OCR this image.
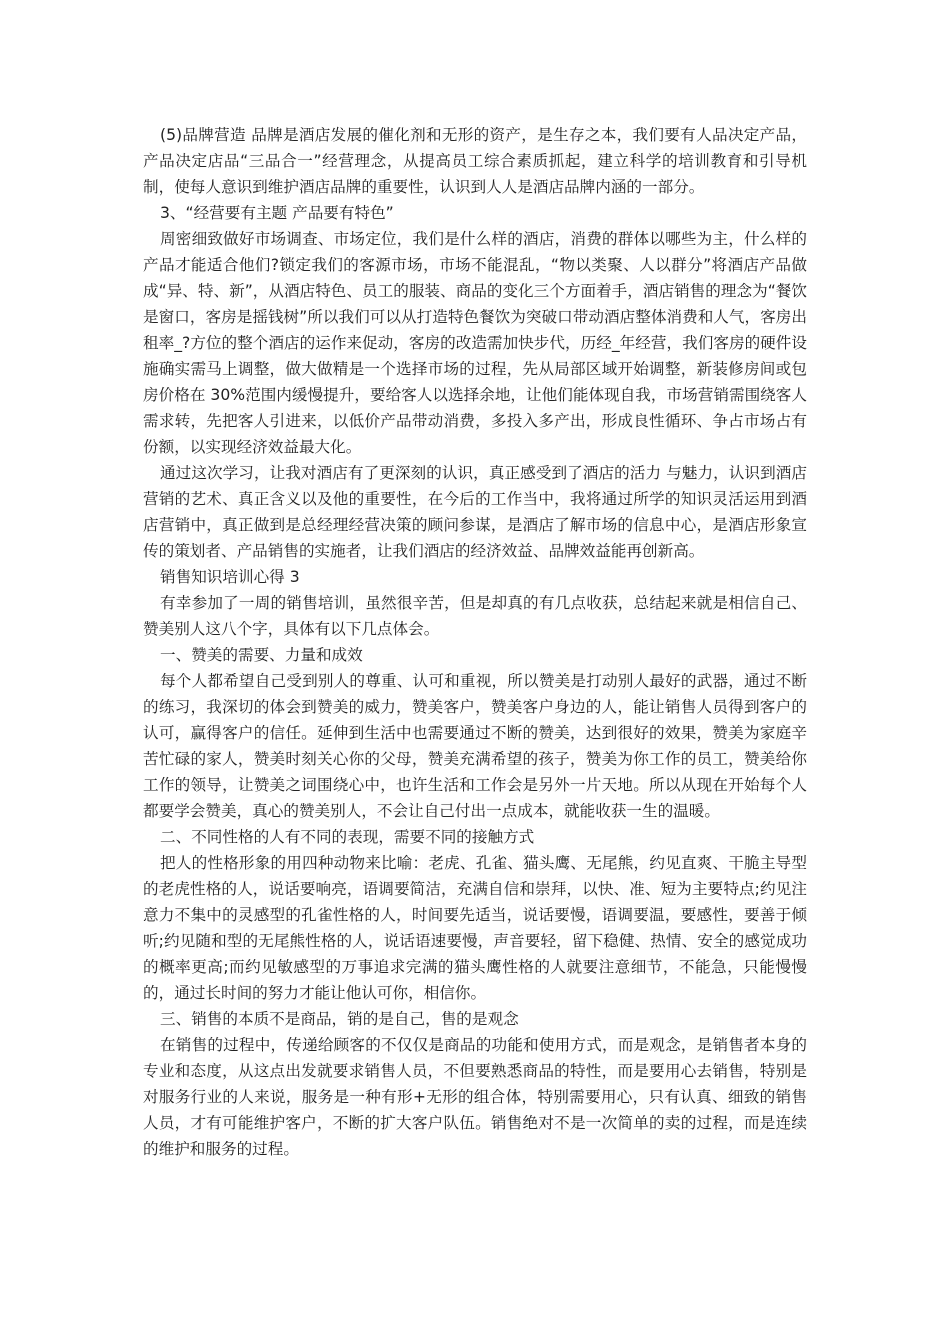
(5)品牌营造 品牌是酒店发展的催化剂和无形的资产，是生存之本，我们要有人品决定产品，产品决定店品“三品合一”经营理念，从提高员工综合素质抓起，建立科学的培训教育和引导机制，使每人意识到维护酒店品牌的重要性，认识到人人是酒店品牌内涵的一部分。

3、“经营要有主题 产品要有特色”

周密细致做好市场调查、市场定位，我们是什么样的酒店，消费的群体以哪些为主，什么样的产品才能适合他们?锁定我们的客源市场，市场不能混乱，“物以类聚、人以群分”将酒店产品做成“异、特、新”，从酒店特色、员工的服装、商品的变化三个方面着手，酒店销售的理念为“餐饮是窗口，客房是摇钱树”所以我们可以从打造特色餐饮为突破口带动酒店整体消费和人气，客房出租率_?方位的整个酒店的运作来促动，客房的改造需加快步代，历经_年经营，我们客房的硬件设施确实需马上调整，做大做精是一个选择市场的过程，先从局部区域开始调整，新装修房间或包房价格在 30%范围内缓慢提升，要给客人以选择余地，让他们能体现自我，市场营销需围绕客人需求转，先把客人引进来，以低价产品带动消费，多投入多产出，形成良性循环、争占市场占有份额，以实现经济效益最大化。

通过这次学习，让我对酒店有了更深刻的认识，真正感受到了酒店的活力 与魅力，认识到酒店营销的艺术、真正含义以及他的重要性，在今后的工作当中，我将通过所学的知识灵活运用到酒店营销中，真正做到是总经理经营决策的顾问参谋，是酒店了解市场的信息中心，是酒店形象宣传的策划者、产品销售的实施者，让我们酒店的经济效益、品牌效益能再创新高。

销售知识培训心得 3

有幸参加了一周的销售培训，虽然很辛苦，但是却真的有几点收获，总结起来就是相信自己、赞美别人这八个字，具体有以下几点体会。

一、赞美的需要、力量和成效

每个人都希望自己受到别人的尊重、认可和重视，所以赞美是打动别人最好的武器，通过不断的练习，我深切的体会到赞美的威力，赞美客户，赞美客户身边的人，能让销售人员得到客户的认可，赢得客户的信任。延伸到生活中也需要通过不断的赞美，达到很好的效果，赞美为家庭辛苦忙碌的家人，赞美时刻关心你的父母，赞美充满希望的孩子，赞美为你工作的员工，赞美给你工作的领导，让赞美之词围绕心中，也许生活和工作会是另外一片天地。所以从现在开始每个人都要学会赞美，真心的赞美别人，不会让自己付出一点成本，就能收获一生的温暖。

二、不同性格的人有不同的表现，需要不同的接触方式

把人的性格形象的用四种动物来比喻：老虎、孔雀、猫头鹰、无尾熊，约见直爽、干脆主导型的老虎性格的人，说话要响亮，语调要简洁，充满自信和崇拜，以快、准、短为主要特点;约见注意力不集中的灵感型的孔雀性格的人，时间要先适当，说话要慢，语调要温，要感性，要善于倾听;约见随和型的无尾熊性格的人，说话语速要慢，声音要轻，留下稳健、热情、安全的感觉成功的概率更高;而约见敏感型的万事追求完满的猫头鹰性格的人就要注意细节，不能急，只能慢慢的，通过长时间的努力才能让他认可你，相信你。

三、销售的本质不是商品，销的是自己，售的是观念

在销售的过程中，传递给顾客的不仅仅是商品的功能和使用方式，而是观念，是销售者本身的专业和态度，从这点出发就要求销售人员，不但要熟悉商品的特性，而是要用心去销售，特别是对服务行业的人来说，服务是一种有形+无形的组合体，特别需要用心，只有认真、细致的销售人员，才有可能维护客户，不断的扩大客户队伍。销售绝对不是一次简单的卖的过程，而是连续的维护和服务的过程。
